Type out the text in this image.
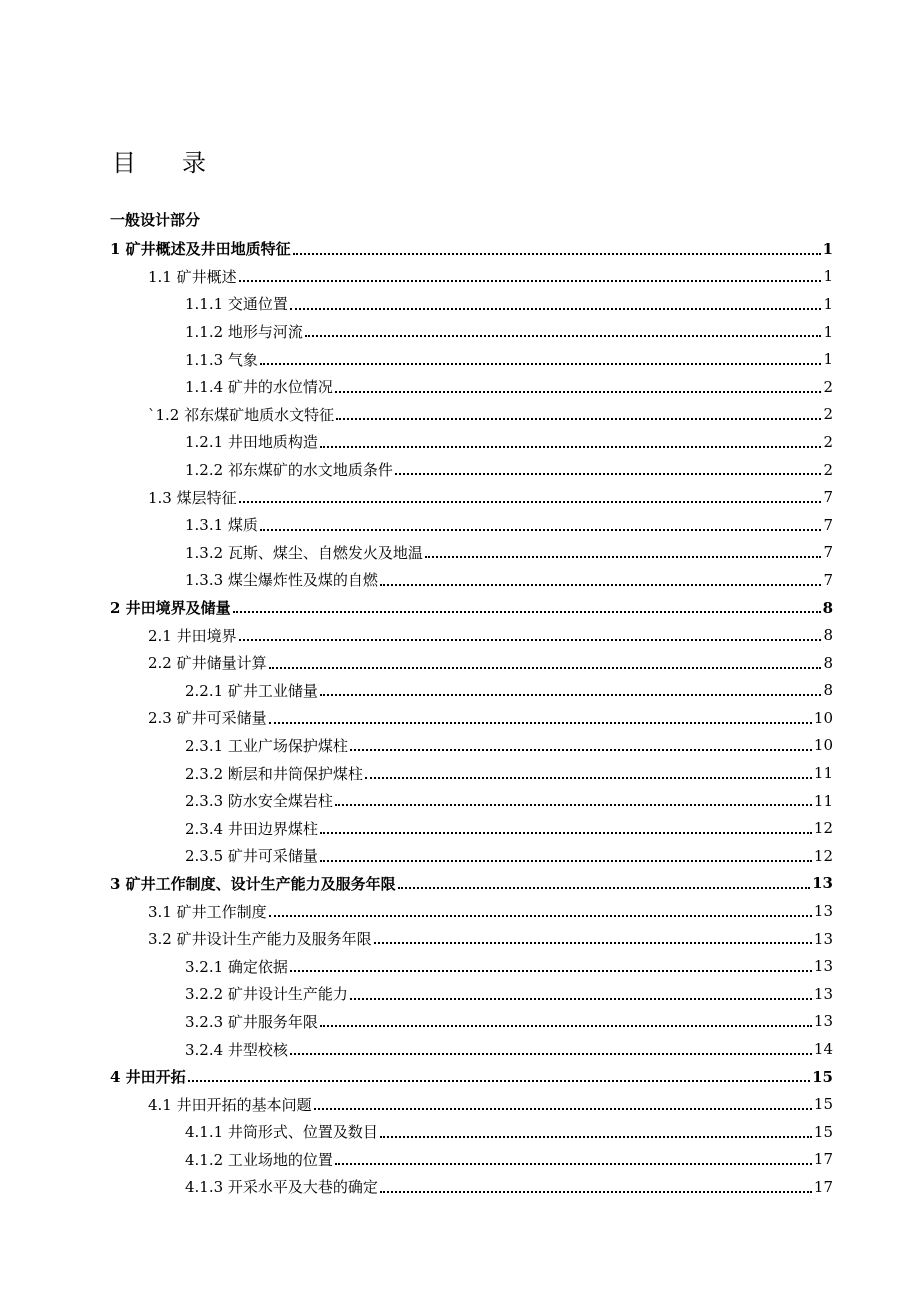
目 录
一般设计部分
1 矿井概述及井田地质特征	1
1.1 矿井概述	1
1.1.1 交通位置	1
1.1.2 地形与河流	1
1.1.3 气象	1
1.1.4 矿井的水位情况	2
`1.2 祁东煤矿地质水文特征	2
1.2.1 井田地质构造	2
1.2.2 祁东煤矿的水文地质条件	2
1.3 煤层特征	7
1.3.1 煤质	7
1.3.2 瓦斯、煤尘、自燃发火及地温	7
1.3.3 煤尘爆炸性及煤的自燃	7
2 井田境界及储量	8
2.1 井田境界	8
2.2 矿井储量计算	8
2.2.1 矿井工业储量	8
2.3 矿井可采储量	10
2.3.1 工业广场保护煤柱	10
2.3.2 断层和井筒保护煤柱	11
2.3.3 防水安全煤岩柱	11
2.3.4 井田边界煤柱	12
2.3.5 矿井可采储量	12
3 矿井工作制度、设计生产能力及服务年限	13
3.1 矿井工作制度	13
3.2 矿井设计生产能力及服务年限	13
3.2.1 确定依据	13
3.2.2 矿井设计生产能力	13
3.2.3 矿井服务年限	13
3.2.4 井型校核	14
4 井田开拓	15
4.1 井田开拓的基本问题	15
4.1.1 井筒形式、位置及数目	15
4.1.2 工业场地的位置	17
4.1.3 开采水平及大巷的确定	17
